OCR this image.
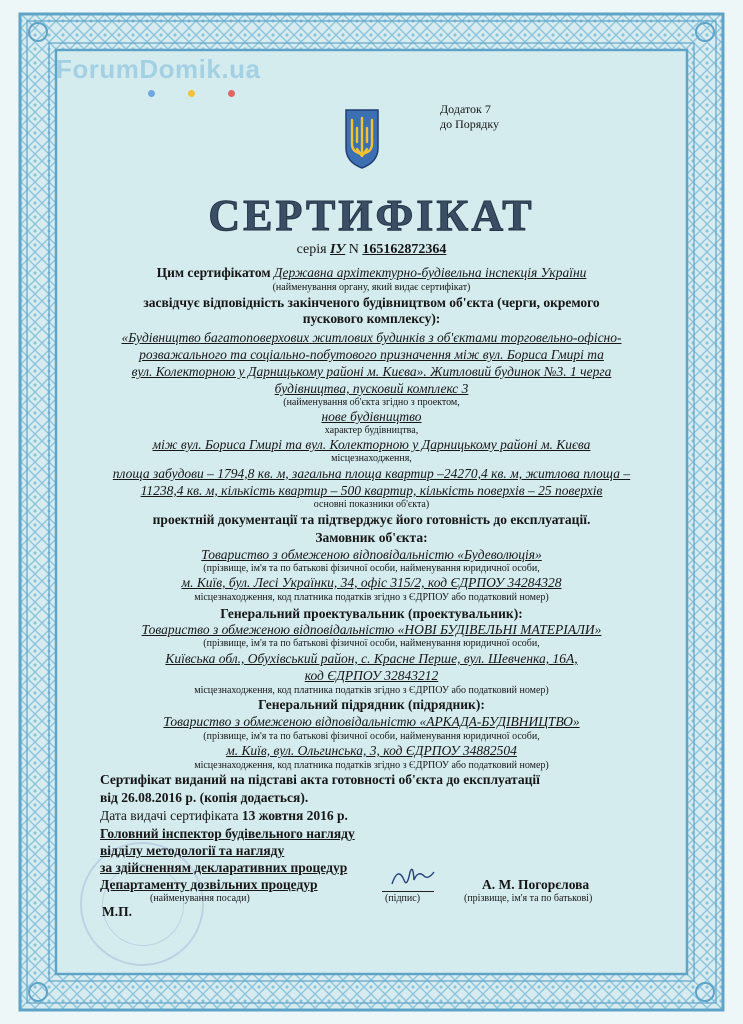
ForumDomik.ua
Додаток 7
до Порядку
СЕРТИФІКАТ
серія ІУ N 165162872364
Цим сертифікатом Державна архітектурно-будівельна інспекція України
(найменування органу, який видає сертифікат)
засвідчує відповідність закінченого будівництвом об'єкта (черги, окремого
пускового комплексу):
«Будівництво багатоповерхових житлових будинків з об'єктами торговельно-офісно-
розважального та соціально-побутового призначення між вул. Бориса Гмирі та
вул. Колекторною у Дарницькому районі м. Києва». Житловий будинок №3. 1 черга
будівництва, пусковий комплекс 3
(найменування об'єкта згідно з проектом,
нове будівництво
характер будівництва,
між вул. Бориса Гмирі та вул. Колекторною у Дарницькому районі м. Києва
місцезнаходження,
площа забудови – 1794,8 кв. м, загальна площа квартир –24270,4 кв. м, житлова площа –
11238,4 кв. м, кількість квартир – 500 квартир, кількість поверхів – 25 поверхів
основні показники об'єкта)
проектній документації та підтверджує його готовність до експлуатації.
Замовник об'єкта:
Товариство з обмеженою відповідальністю «Будеволюція»
(прізвище, ім'я та по батькові фізичної особи, найменування юридичної особи,
м. Київ, бул. Лесі Українки, 34, офіс 315/2, код ЄДРПОУ 34284328
місцезнаходження, код платника податків згідно з ЄДРПОУ або податковий номер)
Генеральний проектувальник (проектувальник):
Товариство з обмеженою відповідальністю «НОВІ БУДІВЕЛЬНІ МАТЕРІАЛИ»
(прізвище, ім'я та по батькові фізичної особи, найменування юридичної особи,
Київська обл., Обухівський район, с. Красне Перше, вул. Шевченка, 16А,
код ЄДРПОУ 32843212
місцезнаходження, код платника податків згідно з ЄДРПОУ або податковий номер)
Генеральний підрядник (підрядник):
Товариство з обмеженою відповідальністю «АРКАДА-БУДІВНИЦТВО»
(прізвище, ім'я та по батькові фізичної особи, найменування юридичної особи,
м. Київ, вул. Ольгинська, 3, код ЄДРПОУ 34882504
місцезнаходження, код платника податків згідно з ЄДРПОУ або податковий номер)
Сертифікат виданий на підставі акта готовності об'єкта до експлуатації
від 26.08.2016 р. (копія додається).
Дата видачі сертифіката 13 жовтня 2016 р.
Головний інспектор будівельного нагляду
відділу методології та нагляду
за здійсненням декларативних процедур
Департаменту дозвільних процедур
(найменування посади)	(підпис)
А. М. Погорєлова
(прізвище, ім'я та по батькові)
М.П.
